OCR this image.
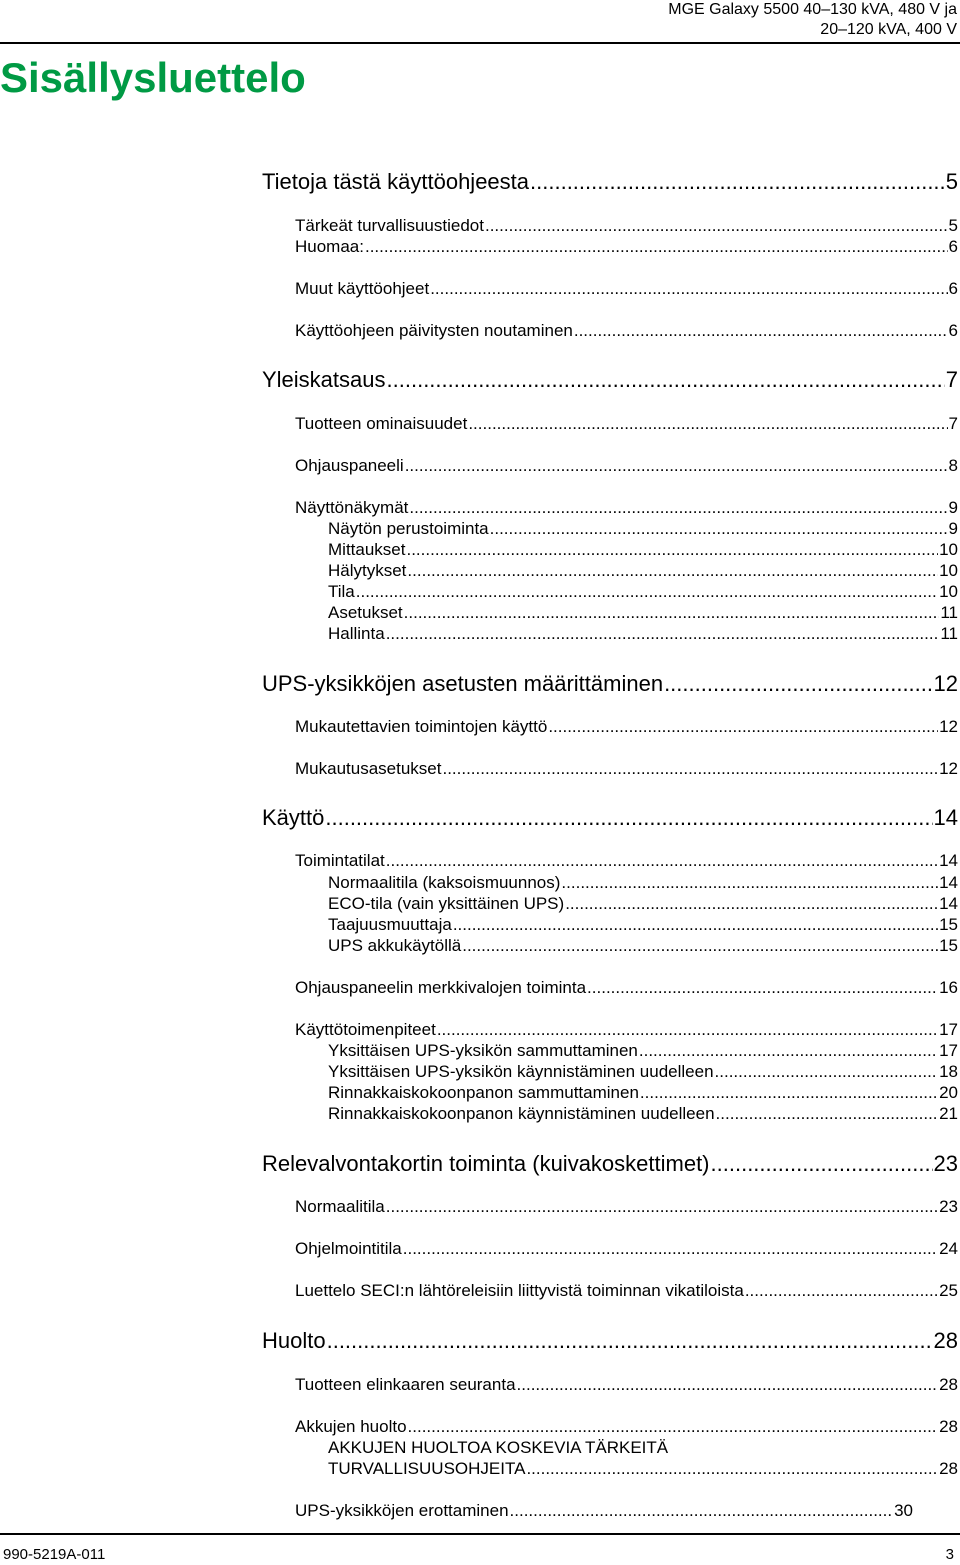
MGE Galaxy 5500 40–130 kVA, 480 V ja
20–120 kVA, 400 V
Sisällysluettelo
Tietoja tästä käyttöohjeesta .....	5
Tärkeät turvallisuustiedot .....	5
Huomaa: .....	6
Muut käyttöohjeet .....	6
Käyttöohjeen päivitysten noutaminen .....	6
Yleiskatsaus .....	7
Tuotteen ominaisuudet .....	7
Ohjauspaneeli .....	8
Näyttönäkymät .....	9
Näytön perustoiminta .....	9
Mittaukset .....	10
Hälytykset .....	10
Tila .....	10
Asetukset .....	11
Hallinta .....	11
UPS-yksikköjen asetusten määrittäminen .....	12
Mukautettavien toimintojen käyttö .....	12
Mukautusasetukset .....	12
Käyttö .....	14
Toimintatilat .....	14
Normaalitila (kaksoismuunnos) .....	14
ECO-tila (vain yksittäinen UPS) .....	14
Taajuusmuuttaja .....	15
UPS akkukäytöllä .....	15
Ohjauspaneelin merkkivalojen toiminta .....	16
Käyttötoimenpiteet .....	17
Yksittäisen UPS-yksikön sammuttaminen .....	17
Yksittäisen UPS-yksikön käynnistäminen uudelleen .....	18
Rinnakkaiskokoonpanon sammuttaminen .....	20
Rinnakkaiskokoonpanon käynnistäminen uudelleen .....	21
Relevalvontakortin toiminta (kuivakoskettimet) .....	23
Normaalitila .....	23
Ohjelmointitila .....	24
Luettelo SECI:n lähtöreleisiin liittyvistä toiminnan vikatiloista .....	25
Huolto .....	28
Tuotteen elinkaaren seuranta .....	28
Akkujen huolto .....	28
AKKUJEN HUOLTOA KOSKEVIA TÄRKEITÄ
TURVALLISUUSOHJEITA .....	28
UPS-yksikköjen erottaminen .....	30
990-5219A-011	3
